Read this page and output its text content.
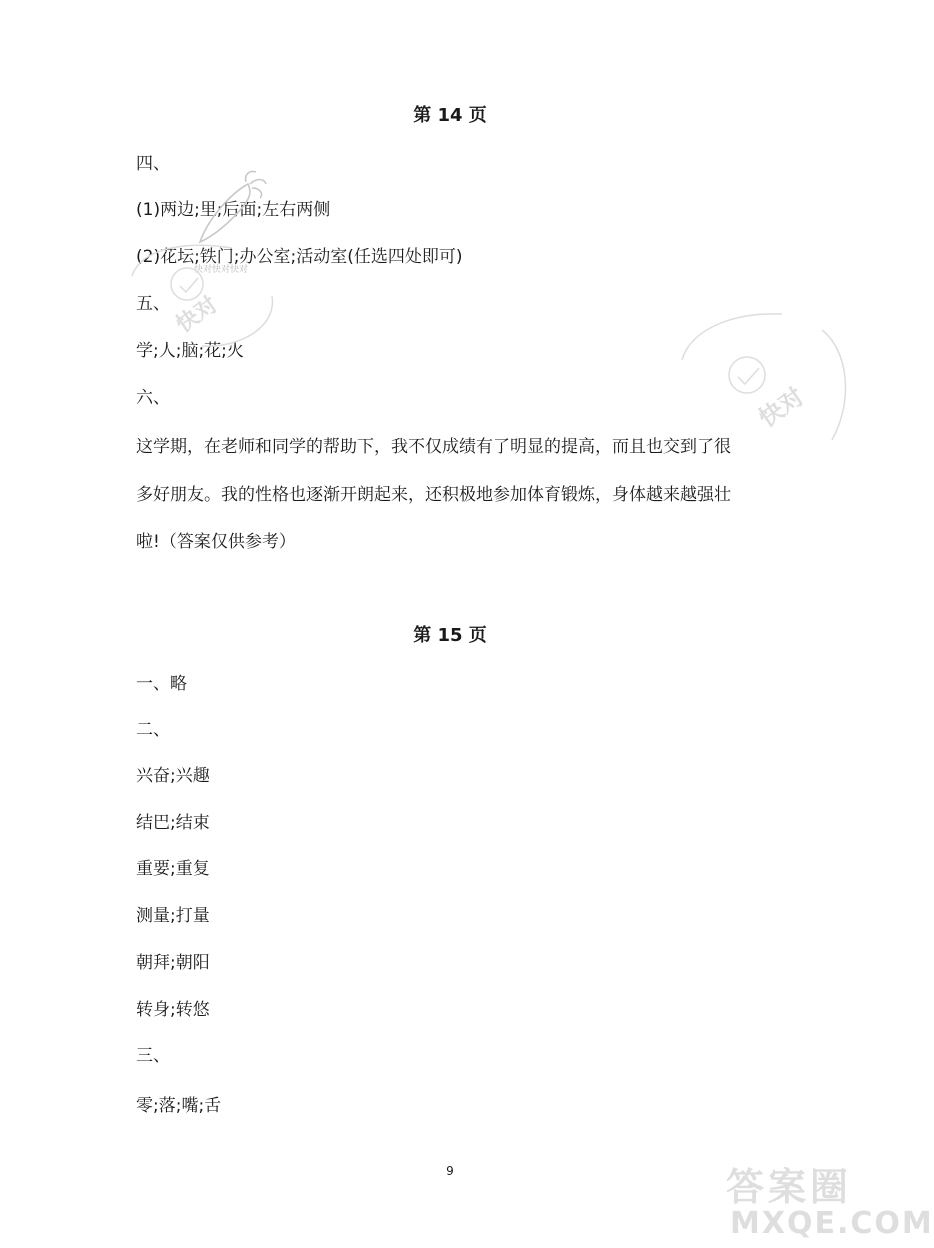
第 14 页
四、
(1)两边;里;后面;左右两侧
(2)花坛;铁门;办公室;活动室(任选四处即可)
五、
学;人;脑;花;火
六、
这学期，在老师和同学的帮助下，我不仅成绩有了明显的提高，而且也交到了很
多好朋友。我的性格也逐渐开朗起来，还积极地参加体育锻炼，身体越来越强壮
啦!（答案仅供参考）
第 15 页
一、略
二、
兴奋;兴趣
结巴;结束
重要;重复
测量;打量
朝拜;朝阳
转身;转悠
三、
零;落;嘴;舌
9
快对快对快对
快对
快对
答案圈
MXQE.COM
